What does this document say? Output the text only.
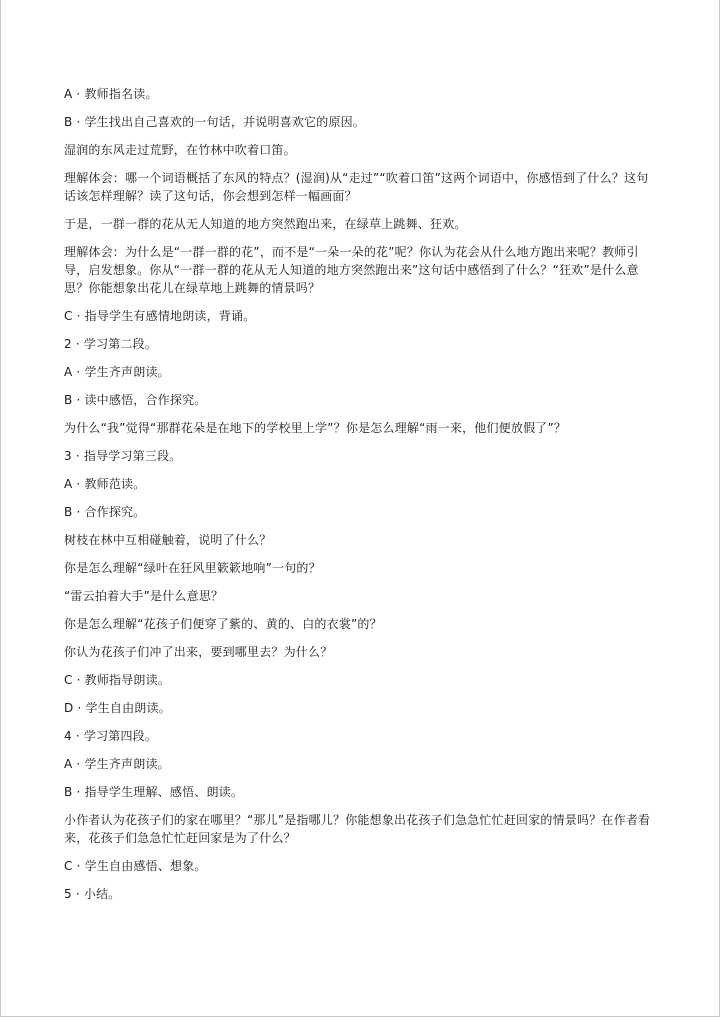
A · 教师指名读。

B · 学生找出自己喜欢的一句话，并说明喜欢它的原因。

湿润的东风走过荒野，在竹林中吹着口笛。

理解体会：哪一个词语概括了东风的特点？(湿润)从“走过”“吹着口笛”这两个词语中，你感悟到了什么？这句话该怎样理解？读了这句话，你会想到怎样一幅画面？

于是，一群一群的花从无人知道的地方突然跑出来，在绿草上跳舞、狂欢。

理解体会：为什么是“一群一群的花”，而不是“一朵一朵的花”呢？你认为花会从什么地方跑出来呢？教师引导，启发想象。你从“一群一群的花从无人知道的地方突然跑出来”这句话中感悟到了什么？“狂欢”是什么意思？你能想象出花儿在绿草地上跳舞的情景吗？

C · 指导学生有感情地朗读，背诵。

2 · 学习第二段。

A · 学生齐声朗读。

B · 读中感悟，合作探究。

为什么“我”觉得“那群花朵是在地下的学校里上学”？你是怎么理解“雨一来，他们便放假了”？

3 · 指导学习第三段。

A · 教师范读。

B · 合作探究。

树枝在林中互相碰触着，说明了什么？

你是怎么理解“绿叶在狂风里簌簌地响”一句的？

“雷云拍着大手”是什么意思？

你是怎么理解“花孩子们便穿了紫的、黄的、白的衣裳”的？

你认为花孩子们冲了出来，要到哪里去？为什么？

C · 教师指导朗读。

D · 学生自由朗读。

4 · 学习第四段。

A · 学生齐声朗读。

B · 指导学生理解、感悟、朗读。

小作者认为花孩子们的家在哪里？“那儿”是指哪儿？你能想象出花孩子们急急忙忙赶回家的情景吗？在作者看来，花孩子们急急忙忙赶回家是为了什么？

C · 学生自由感悟、想象。

5 · 小结。
